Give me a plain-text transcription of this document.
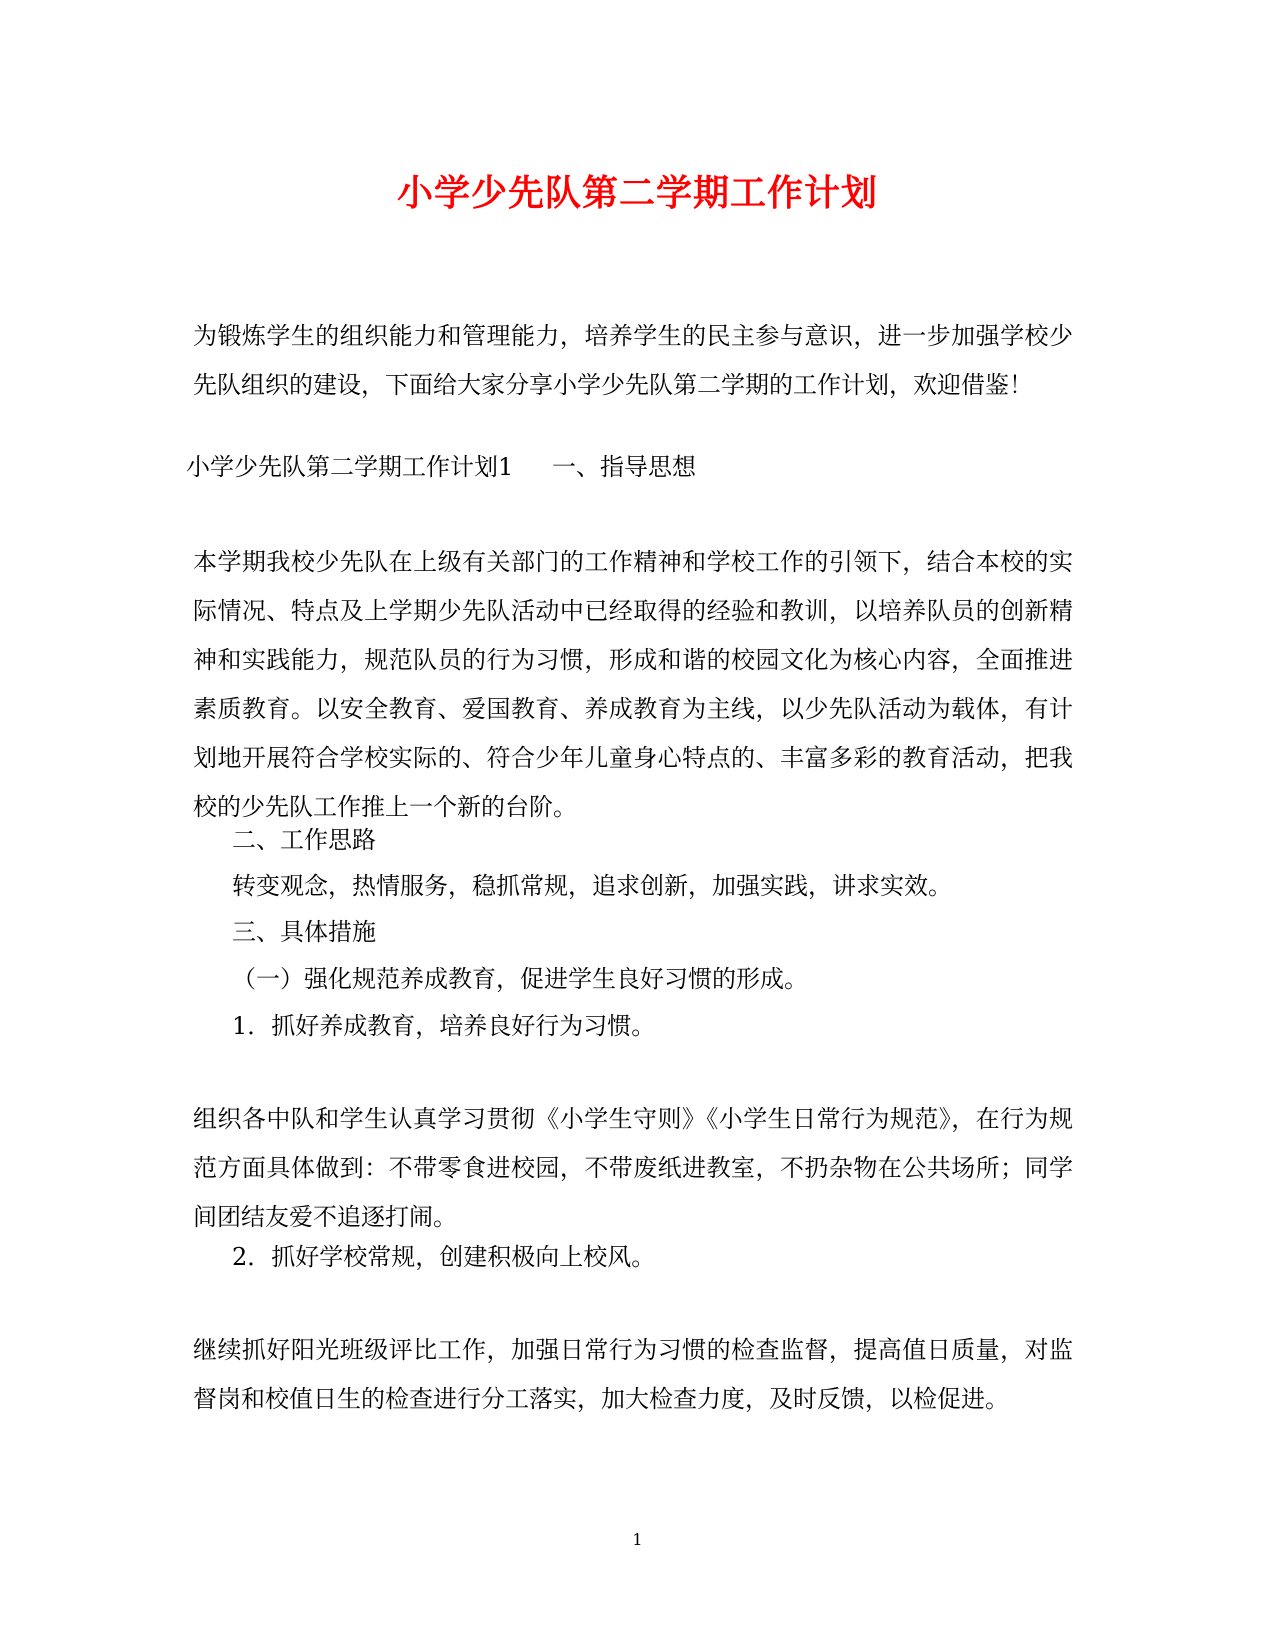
小学少先队第二学期工作计划

为锻炼学生的组织能力和管理能力，培养学生的民主参与意识，进一步加强学校少先队组织的建设，下面给大家分享小学少先队第二学期的工作计划，欢迎借鉴！

小学少先队第二学期工作计划1 一、指导思想

本学期我校少先队在上级有关部门的工作精神和学校工作的引领下，结合本校的实际情况、特点及上学期少先队活动中已经取得的经验和教训，以培养队员的创新精神和实践能力，规范队员的行为习惯，形成和谐的校园文化为核心内容，全面推进素质教育。以安全教育、爱国教育、养成教育为主线，以少先队活动为载体，有计划地开展符合学校实际的、符合少年儿童身心特点的、丰富多彩的教育活动，把我校的少先队工作推上一个新的台阶。

二、工作思路
转变观念，热情服务，稳抓常规，追求创新，加强实践，讲求实效。
三、具体措施
（一）强化规范养成教育，促进学生良好习惯的形成。
1．抓好养成教育，培养良好行为习惯。

组织各中队和学生认真学习贯彻《小学生守则》《小学生日常行为规范》，在行为规范方面具体做到：不带零食进校园，不带废纸进教室，不扔杂物在公共场所；同学间团结友爱不追逐打闹。

2．抓好学校常规，创建积极向上校风。

继续抓好阳光班级评比工作，加强日常行为习惯的检查监督，提高值日质量，对监督岗和校值日生的检查进行分工落实，加大检查力度，及时反馈，以检促进。

1
